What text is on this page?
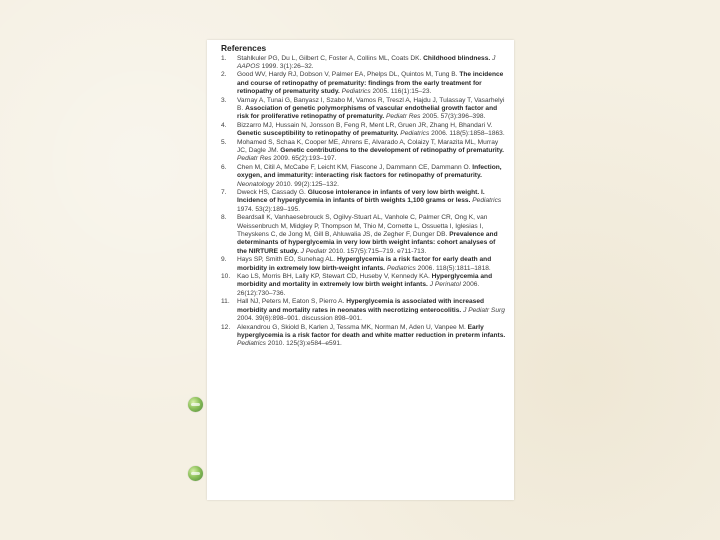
References
1.	Stahlkuler PG, Du L, Gilbert C, Foster A, Collins ML, Coats DK. Childhood blindness. J AAPOS 1999. 3(1):26–32.
2.	Good WV, Hardy RJ, Dobson V, Palmer EA, Phelps DL, Quintos M, Tung B. The incidence and course of retinopathy of prematurity: findings from the early treatment for retinopathy of prematurity study. Pediatrics 2005. 116(1):15–23.
3.	Varnay A, Tunai G, Banyasz I, Szabo M, Vamos R, Treszl A, Hajdu J, Tulassay T, Vasarhelyi B. Association of genetic polymorphisms of vascular endothelial growth factor and risk for proliferative retinopathy of prematurity. Pediatr Res 2005. 57(3):396–398.
4.	Bizzarro MJ, Hussain N, Jonsson B, Feng R, Ment LR, Gruen JR, Zhang H, Bhandari V. Genetic susceptibility to retinopathy of prematurity. Pediatrics 2006. 118(5):1858–1863.
5.	Mohamed S, Schaa K, Cooper ME, Ahrens E, Alvarado A, Colaizy T, Marazita ML, Murray JC, Dagle JM. Genetic contributions to the development of retinopathy of prematurity. Pediatr Res 2009. 65(2):193–197.
6.	Chen M, Citil A, McCabe F, Leicht KM, Fiascone J, Dammann CE, Dammann O. Infection, oxygen, and immaturity: interacting risk factors for retinopathy of prematurity. Neonatology 2010. 99(2):125–132.
7.	Dweck HS, Cassady G. Glucose intolerance in infants of very low birth weight. I. Incidence of hyperglycemia in infants of birth weights 1,100 grams or less. Pediatrics 1974. 53(2):189–195.
8.	Beardsall K, Vanhaesebrouck S, Ogilvy-Stuart AL, Vanhole C, Palmer CR, Ong K, van Weissenbruch M, Midgley P, Thompson M, Thio M, Cornette L, Ossuetta I, Iglesias I, Theyskens C, de Jong M, Gill B, Ahluwalia JS, de Zegher F, Dunger DB. Prevalence and determinants of hyperglycemia in very low birth weight infants: cohort analyses of the NIRTURE study. J Pediatr 2010. 157(5):715–719. e711-713.
9.	Hays SP, Smith EO, Sunehag AL. Hyperglycemia is a risk factor for early death and morbidity in extremely low birth-weight infants. Pediatrics 2006. 118(5):1811–1818.
10.	Kao LS, Morris BH, Lally KP, Stewart CD, Huseby V, Kennedy KA. Hyperglycemia and morbidity and mortality in extremely low birth weight infants. J Perinatol 2006. 26(12):730–736.
11.	Hall NJ, Peters M, Eaton S, Pierro A. Hyperglycemia is associated with increased morbidity and mortality rates in neonates with necrotizing enterocolitis. J Pediatr Surg 2004. 39(6):898–901. discussion 898–901.
12.	Alexandrou G, Skiold B, Karlen J, Tessma MK, Norman M, Aden U, Vanpee M. Early hyperglycemia is a risk factor for death and white matter reduction in preterm infants. Pediatrics 2010. 125(3):e584–e591.
